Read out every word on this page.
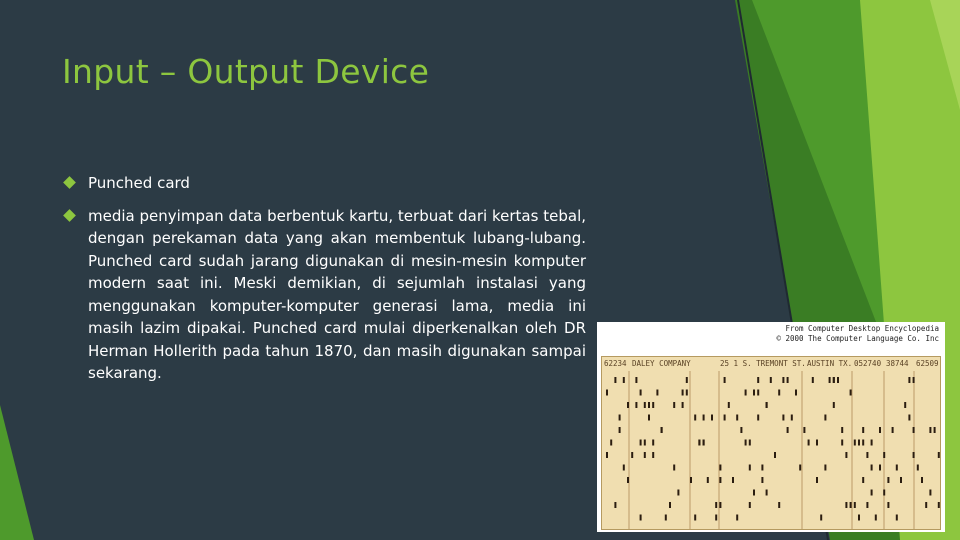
Input – Output Device
Punched card
media penyimpan data berbentuk kartu, terbuat dari kertas tebal, dengan perekaman data yang akan membentuk lubang-lubang. Punched card sudah jarang digunakan di mesin-mesin komputer modern saat ini. Meski demikian, di sejumlah instalasi yang menggunakan komputer-komputer generasi lama, media ini masih lazim dipakai. Punched card mulai diperkenalkan oleh DR Herman Hollerith pada tahun 1870, dan masih digunakan sampai sekarang.
From Computer Desktop Encyclopedia
© 2000 The Computer Language Co. Inc
62234 DALEY COMPANY	25 1 S. TREMONT ST. AUSTIN TX. 052740 38744 62509
